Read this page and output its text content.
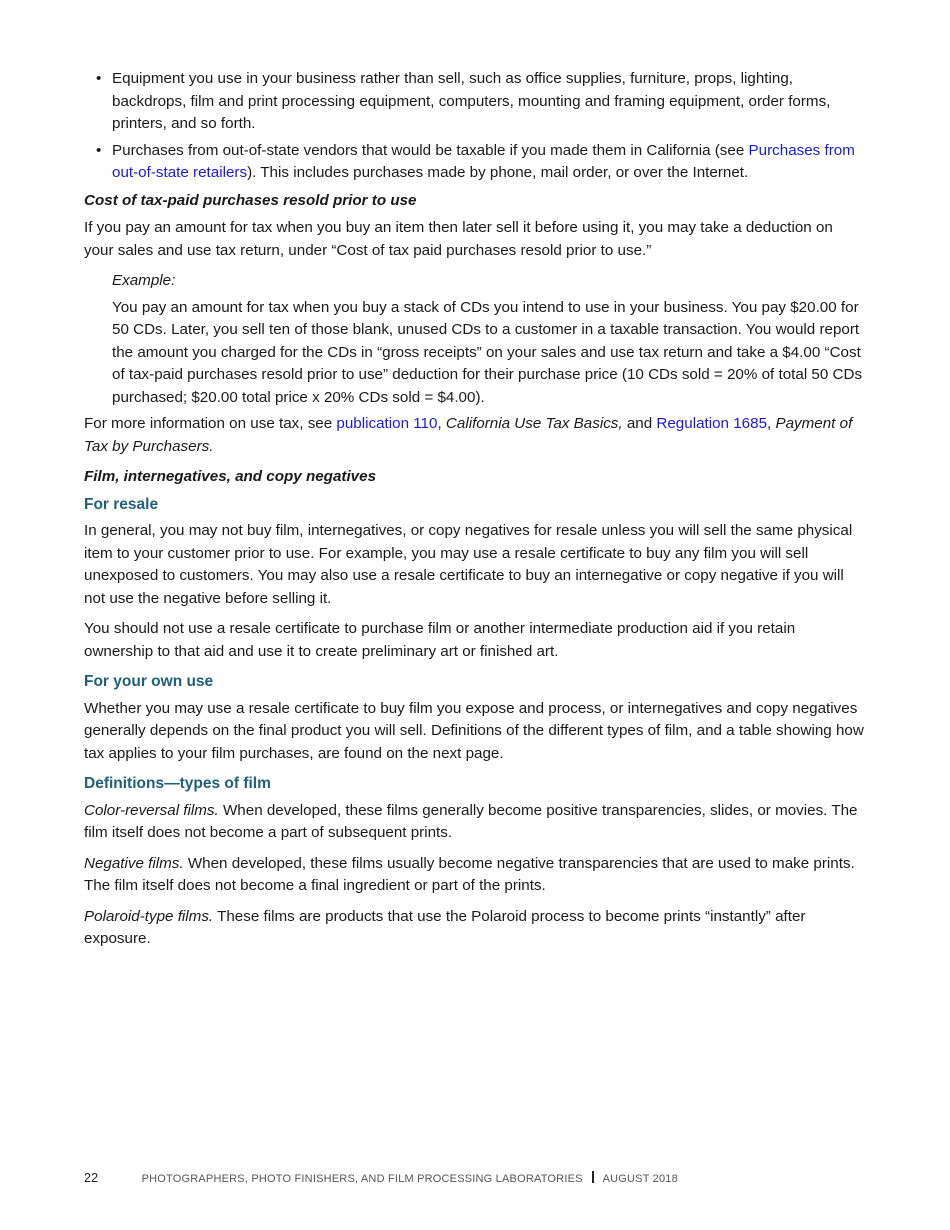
• Equipment you use in your business rather than sell, such as office supplies, furniture, props, lighting, backdrops, film and print processing equipment, computers, mounting and framing equipment, order forms, printers, and so forth.
• Purchases from out-of-state vendors that would be taxable if you made them in California (see Purchases from out-of-state retailers). This includes purchases made by phone, mail order, or over the Internet.

Cost of tax-paid purchases resold prior to use

If you pay an amount for tax when you buy an item then later sell it before using it, you may take a deduction on your sales and use tax return, under “Cost of tax paid purchases resold prior to use.”

Example:

You pay an amount for tax when you buy a stack of CDs you intend to use in your business. You pay $20.00 for 50 CDs. Later, you sell ten of those blank, unused CDs to a customer in a taxable transaction. You would report the amount you charged for the CDs in “gross receipts” on your sales and use tax return and take a $4.00 “Cost of tax-paid purchases resold prior to use” deduction for their purchase price (10 CDs sold = 20% of total 50 CDs purchased; $20.00 total price x 20% CDs sold = $4.00).

For more information on use tax, see publication 110, California Use Tax Basics, and Regulation 1685, Payment of Tax by Purchasers.

Film, internegatives, and copy negatives

For resale

In general, you may not buy film, internegatives, or copy negatives for resale unless you will sell the same physical item to your customer prior to use. For example, you may use a resale certificate to buy any film you will sell unexposed to customers. You may also use a resale certificate to buy an internegative or copy negative if you will not use the negative before selling it.

You should not use a resale certificate to purchase film or another intermediate production aid if you retain ownership to that aid and use it to create preliminary art or finished art.

For your own use

Whether you may use a resale certificate to buy film you expose and process, or internegatives and copy negatives generally depends on the final product you will sell. Definitions of the different types of film, and a table showing how tax applies to your film purchases, are found on the next page.

Definitions—types of film

Color-reversal films. When developed, these films generally become positive transparencies, slides, or movies. The film itself does not become a part of subsequent prints.

Negative films. When developed, these films usually become negative transparencies that are used to make prints. The film itself does not become a final ingredient or part of the prints.

Polaroid-type films. These films are products that use the Polaroid process to become prints “instantly” after exposure.

22	PHOTOGRAPHERS, PHOTO FINISHERS, AND FILM PROCESSING LABORATORIES AUGUST 2018
